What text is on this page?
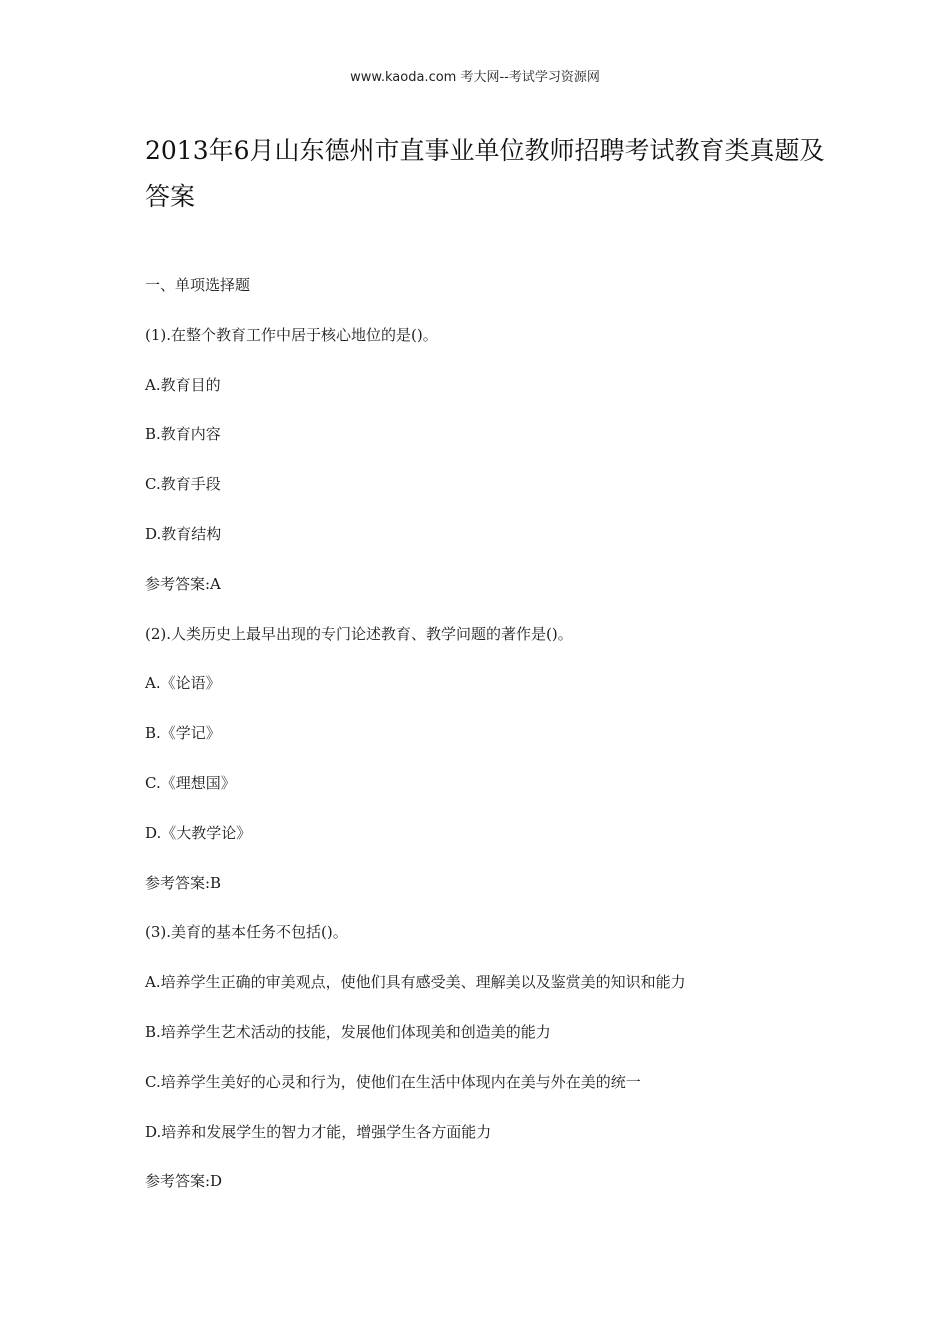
www.kaoda.com 考大网--考试学习资源网
2013年6月山东德州市直事业单位教师招聘考试教育类真题及答案
一、单项选择题
(1).在整个教育工作中居于核心地位的是()。
A.教育目的
B.教育内容
C.教育手段
D.教育结构
参考答案:A
(2).人类历史上最早出现的专门论述教育、教学问题的著作是()。
A.《论语》
B.《学记》
C.《理想国》
D.《大教学论》
参考答案:B
(3).美育的基本任务不包括()。
A.培养学生正确的审美观点，使他们具有感受美、理解美以及鉴赏美的知识和能力
B.培养学生艺术活动的技能，发展他们体现美和创造美的能力
C.培养学生美好的心灵和行为，使他们在生活中体现内在美与外在美的统一
D.培养和发展学生的智力才能，增强学生各方面能力
参考答案:D
